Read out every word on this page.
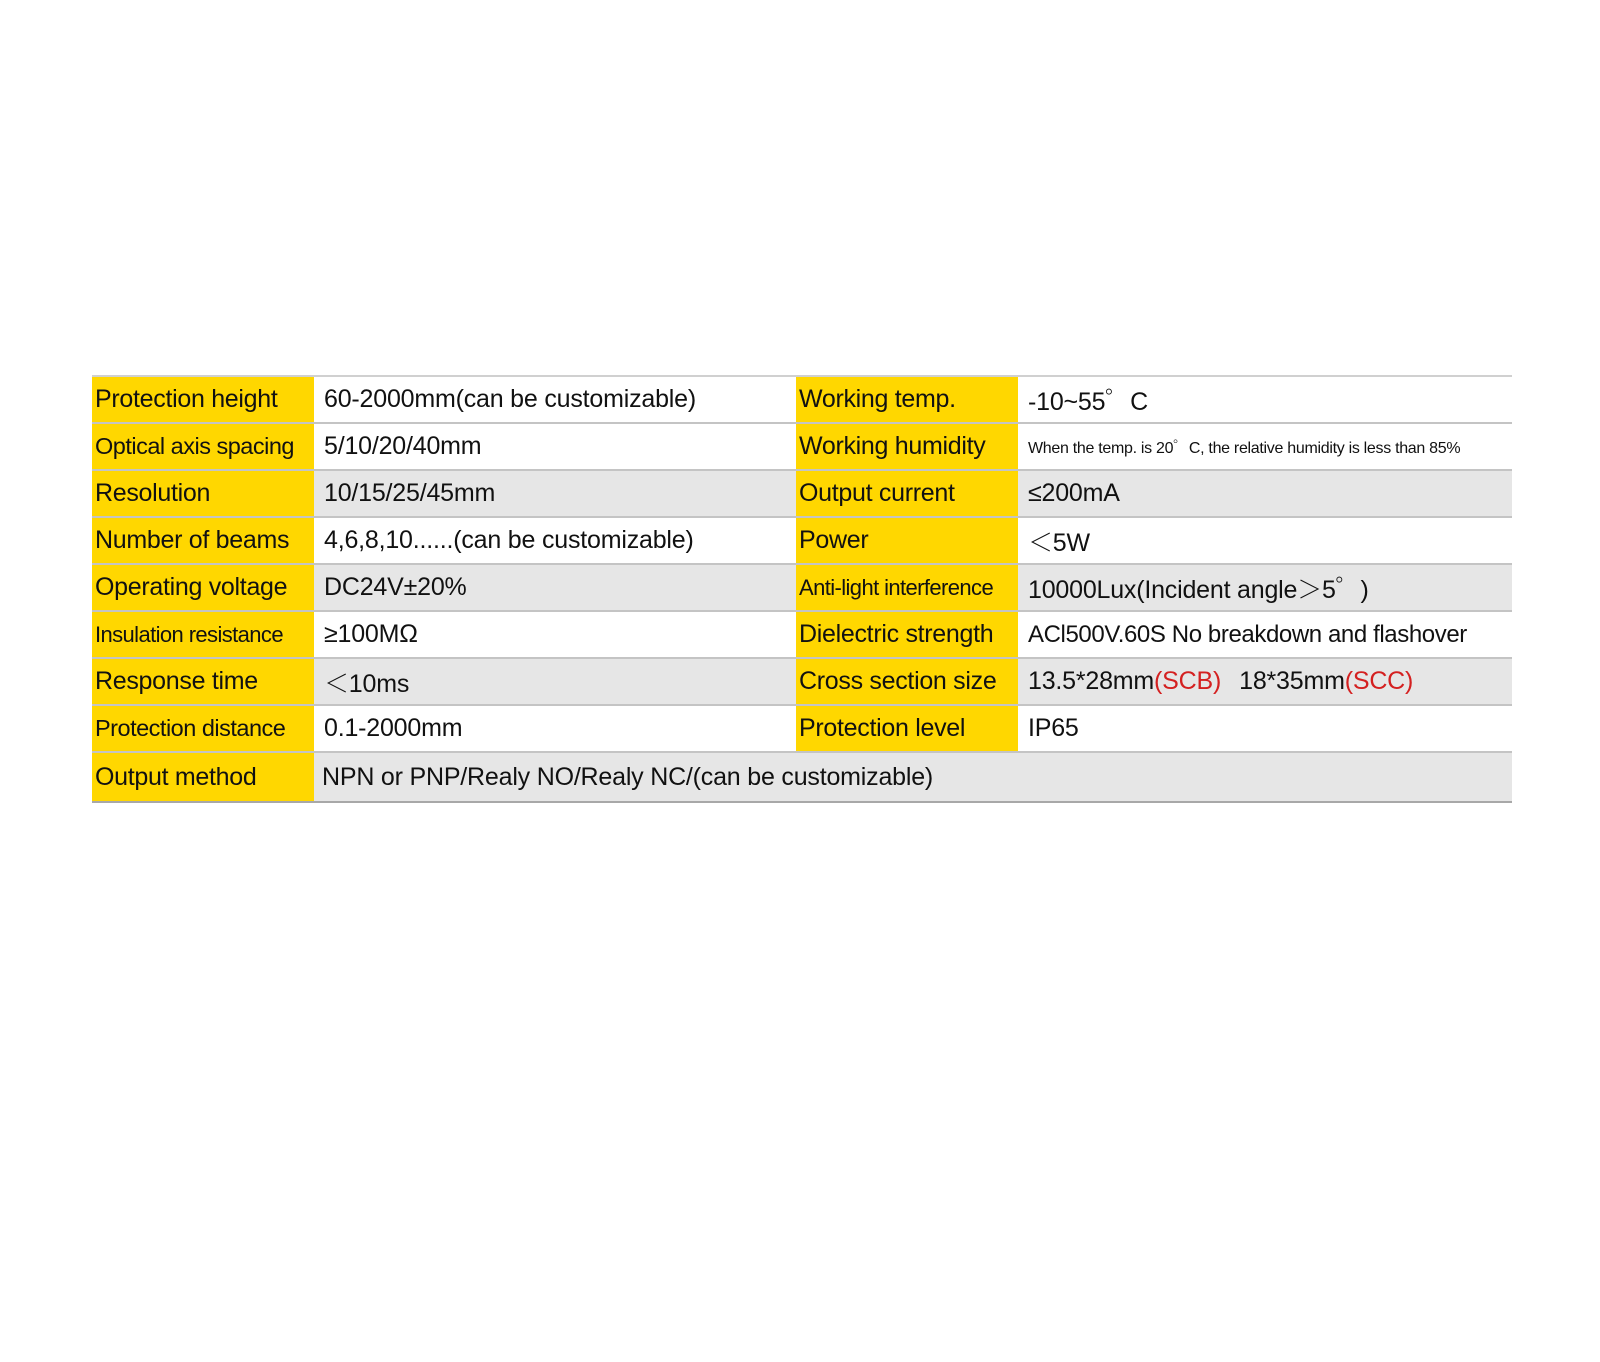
Protection height	60-2000mm(can be customizable)	Working temp.	-10~55゜C
Optical axis spacing	5/10/20/40mm	Working humidity	When the temp. is 20゜C, the relative humidity is less than 85%
Resolution	10/15/25/45mm	Output current	≤200mA
Number of beams	4,6,8,10......(can be customizable)	Power	＜5W
Operating voltage	DC24V±20%	Anti-light interference	10000Lux(Incident angle＞5゜)
Insulation resistance	≥100MΩ	Dielectric strength	ACl500V.60S No breakdown and flashover
Response time	＜10ms	Cross section size	13.5*28mm (SCB) 18*35mm (SCC)
Protection distance	0.1-2000mm	Protection level	IP65
Output method	NPN or PNP/Realy NO/Realy NC/(can be customizable)
